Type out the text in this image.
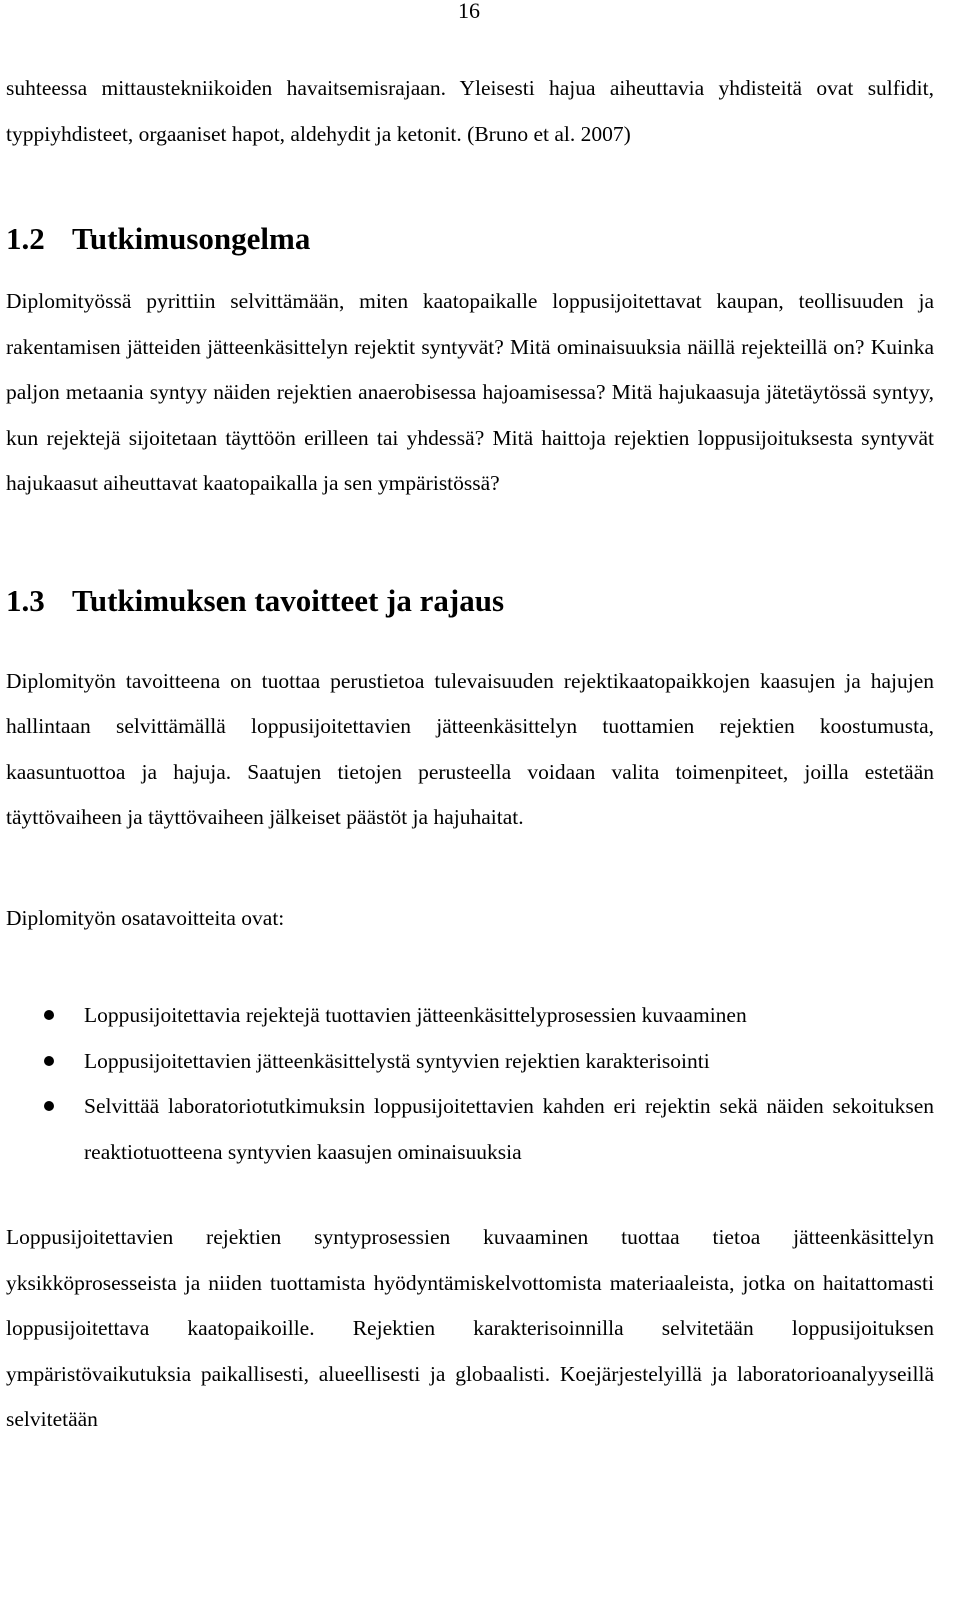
16

suhteessa mittaustekniikoiden havaitsemisrajaan. Yleisesti hajua aiheuttavia yhdisteitä ovat sulfidit, typpiyhdisteet, orgaaniset hapot, aldehydit ja ketonit. (Bruno et al. 2007)

1.2 Tutkimusongelma

Diplomityössä pyrittiin selvittämään, miten kaatopaikalle loppusijoitettavat kaupan, teollisuuden ja rakentamisen jätteiden jätteenkäsittelyn rejektit syntyvät? Mitä ominaisuuksia näillä rejekteillä on? Kuinka paljon metaania syntyy näiden rejektien anaerobisessa hajoamisessa? Mitä hajukaasuja jätetäytössä syntyy, kun rejektejä sijoitetaan täyttöön erilleen tai yhdessä? Mitä haittoja rejektien loppusijoituksesta syntyvät hajukaasut aiheuttavat kaatopaikalla ja sen ympäristössä?

1.3 Tutkimuksen tavoitteet ja rajaus

Diplomityön tavoitteena on tuottaa perustietoa tulevaisuuden rejektikaatopaikkojen kaasujen ja hajujen hallintaan selvittämällä loppusijoitettavien jätteenkäsittelyn tuottamien rejektien koostumusta, kaasuntuottoa ja hajuja. Saatujen tietojen perusteella voidaan valita toimenpiteet, joilla estetään täyttövaiheen ja täyttövaiheen jälkeiset päästöt ja hajuhaitat.

Diplomityön osatavoitteita ovat:

Loppusijoitettavia rejektejä tuottavien jätteenkäsittelyprosessien kuvaaminen
Loppusijoitettavien jätteenkäsittelystä syntyvien rejektien karakterisointi
Selvittää laboratoriotutkimuksin loppusijoitettavien kahden eri rejektin sekä näiden sekoituksen reaktiotuotteena syntyvien kaasujen ominaisuuksia

Loppusijoitettavien rejektien syntyprosessien kuvaaminen tuottaa tietoa jätteenkäsittelyn yksikköprosesseista ja niiden tuottamista hyödyntämiskelvottomista materiaaleista, jotka on haitattomasti loppusijoitettava kaatopaikoille. Rejektien karakterisoinnilla selvitetään loppusijoituksen ympäristövaikutuksia paikallisesti, alueellisesti ja globaalisti. Koejärjestelyillä ja laboratorioanalyyseillä selvitetään
